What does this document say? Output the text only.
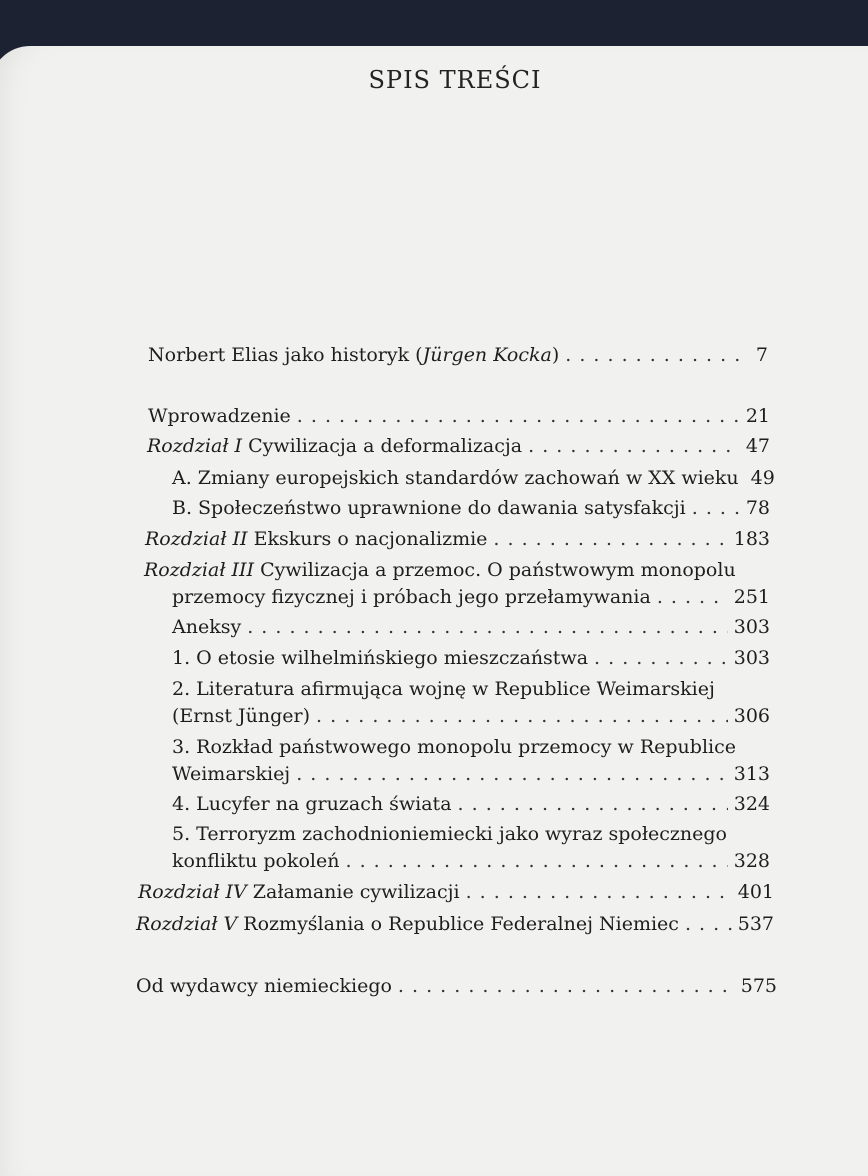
SPIS TREŚCI
Norbert Elias jako historyk (Jürgen Kocka) . . .	7
Wprowadzenie . . .	21
Rozdział I Cywilizacja a deformalizacja . . .	47
A. Zmiany europejskich standardów zachowań w XX wieku 49
B. Społeczeństwo uprawnione do dawania satysfakcji . . .	78
Rozdział II Ekskurs o nacjonalizmie . . .	183
Rozdział III Cywilizacja a przemoc. O państwowym monopolu
przemocy fizycznej i próbach jego przełamywania . . .	251
Aneksy . . .	303
1. O etosie wilhelmińskiego mieszczaństwa . . .	303
2. Literatura afirmująca wojnę w Republice Weimarskiej
(Ernst Jünger) . . .	306
3. Rozkład państwowego monopolu przemocy w Republice
Weimarskiej . . .	313
4. Lucyfer na gruzach świata . . .	324
5. Terroryzm zachodnioniemiecki jako wyraz społecznego
konfliktu pokoleń . . .	328
Rozdział IV Załamanie cywilizacji . . .	401
Rozdział V Rozmyślania o Republice Federalnej Niemiec . . .	537
Od wydawcy niemieckiego . . .	575
